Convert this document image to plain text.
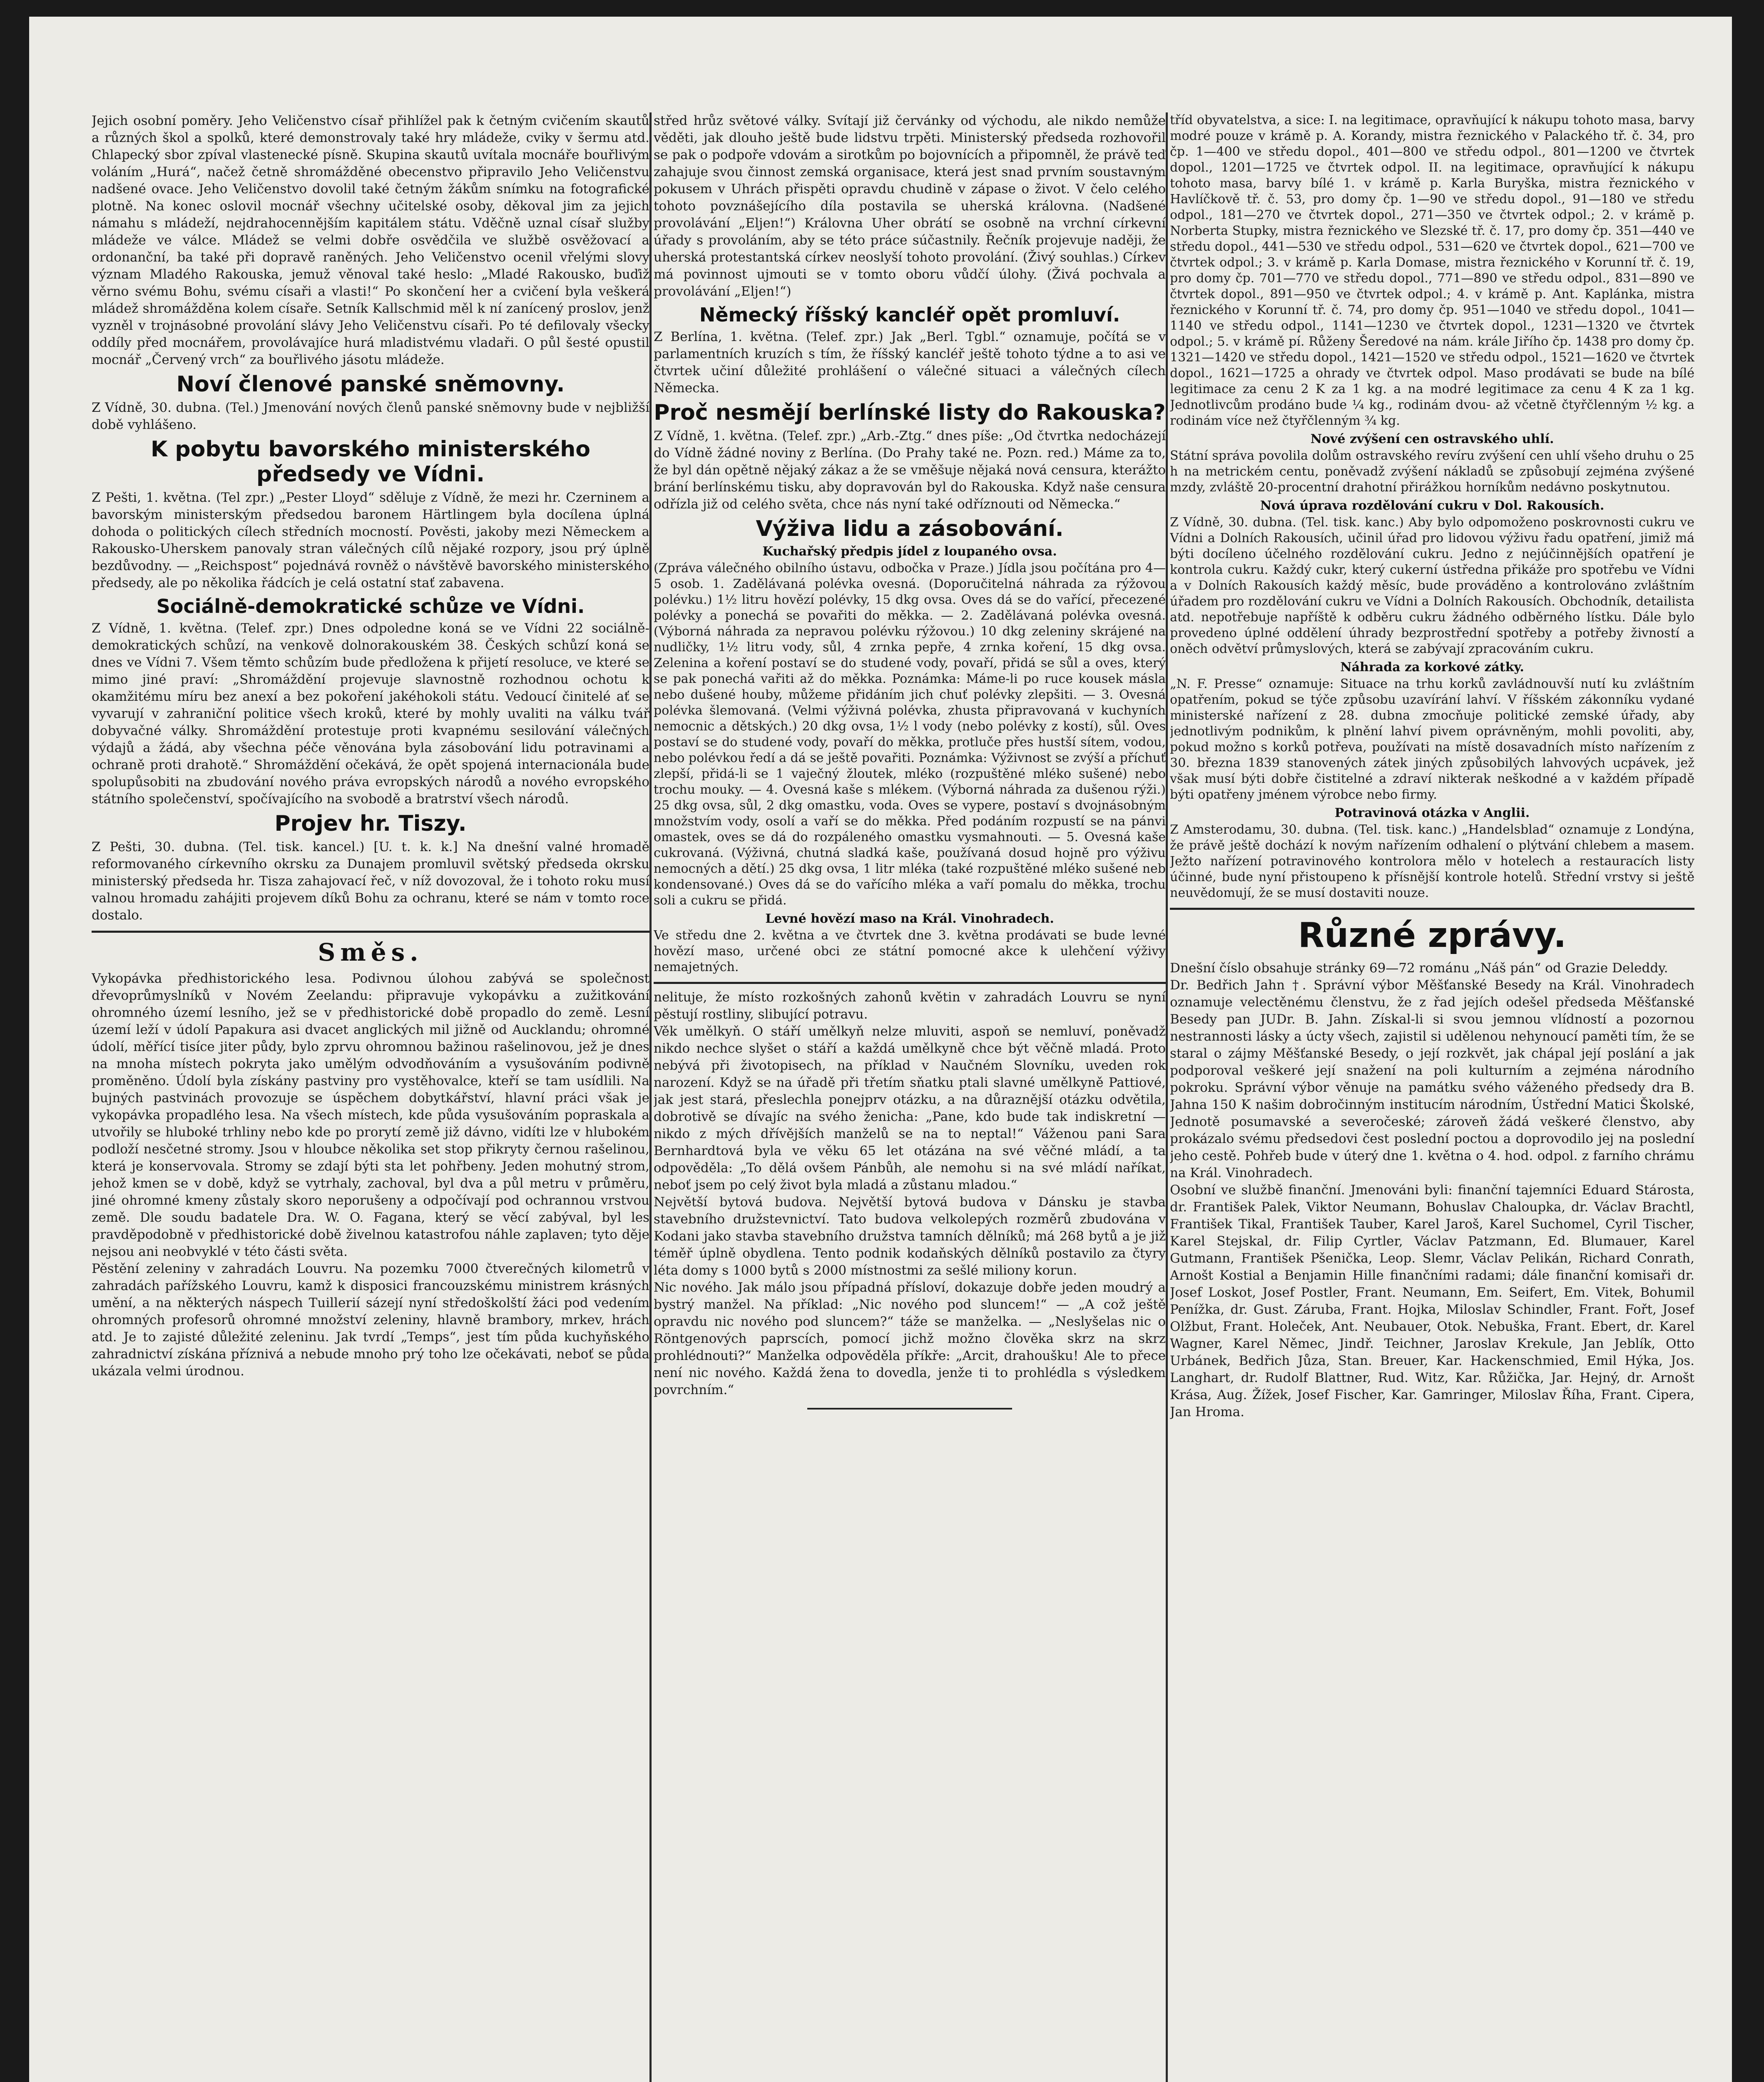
Jejich osobní poměry. Jeho Veličenstvo císař přihlížel pak k četným cvičením skautů a různých škol a spolků, které demonstrovaly také hry mládeže, cviky v šermu atd. Chlapecký sbor zpíval vlastenecké písně. Skupina skautů uvítala mocnáře bouřlivým voláním „Hurá“, načež četně shromážděné obecenstvo připravilo Jeho Veličenstvu nadšené ovace. Jeho Veličenstvo dovolil také četným žákům snímku na fotografické plotně. Na konec oslovil mocnář všechny učitelské osoby, děkoval jim za jejich námahu s mládeží, nejdrahocennějším kapitálem státu. Vděčně uznal císař služby mládeže ve válce. Mládež se velmi dobře osvědčila ve službě osvěžovací a ordonanční, ba také při dopravě raněných. Jeho Veličenstvo ocenil vřelými slovy význam Mladého Rakouska, jemuž věnoval také heslo: „Mladé Rakousko, buďiž věrno svému Bohu, svému císaři a vlasti!“ Po skončení her a cvičení byla veškerá mládež shromážděna kolem císaře. Setník Kallschmid měl k ní zanícený proslov, jenž vyzněl v trojnásobné provolání slávy Jeho Veličenstvu císaři. Po té defilovaly všecky oddíly před mocnářem, provolávajíce hurá mladistvému vladaři. O půl šesté opustil mocnář „Červený vrch“ za bouřlivého jásotu mládeže.

Noví členové panské sněmovny.

Z Vídně, 30. dubna. (Tel.) Jmenování nových členů panské sněmovny bude v nejbližší době vyhlášeno.

K pobytu bavorského ministerského předsedy ve Vídni.

Z Pešti, 1. května. (Tel zpr.) „Pester Lloyd“ sděluje z Vídně, že mezi hr. Czerninem a bavorským ministerským předsedou baronem Härtlingem byla docílena úplná dohoda o politických cílech středních mocností. Pověsti, jakoby mezi Německem a Rakousko-Uherskem panovaly stran válečných cílů nějaké rozpory, jsou prý úplně bezdůvodny. — „Reichspost“ pojednává rovněž o návštěvě bavorského ministerského předsedy, ale po několika řádcích je celá ostatní stať zabavena.

Sociálně-demokratické schůze ve Vídni.

Z Vídně, 1. května. (Telef. zpr.) Dnes odpoledne koná se ve Vídni 22 sociálně-demokratických schůzí, na venkově dolnorakouském 38. Českých schůzí koná se dnes ve Vídni 7. Všem těmto schůzím bude předložena k přijetí resoluce, ve které se mimo jiné praví: „Shromáždění projevuje slavnostně rozhodnou ochotu k okamžitému míru bez anexí a bez pokoření jakéhokoli státu. Vedoucí činitelé ať se vyvarují v zahraniční politice všech kroků, které by mohly uvaliti na válku tvář dobyvačné války. Shromáždění protestuje proti kvapnému sesilování válečných výdajů a žádá, aby všechna péče věnována byla zásobování lidu potravinami a ochraně proti drahotě.“ Shromáždění očekává, že opět spojená internacionála bude spolupůsobiti na zbudování nového práva evropských národů a nového evropského státního společenství, spočívajícího na svobodě a bratrství všech národů.

Projev hr. Tiszy.

Z Pešti, 30. dubna. (Tel. tisk. kancel.) [U. t. k. k.] Na dnešní valné hromadě reformovaného církevního okrsku za Dunajem promluvil světský předseda okrsku ministerský předseda hr. Tisza zahajovací řeč, v níž dovozoval, že i tohoto roku musí valnou hromadu zahájiti projevem díků Bohu za ochranu, které se nám v tomto roce dostalo.

Směs.

Vykopávka předhistorického lesa. Podivnou úlohou zabývá se společnost dřevoprůmyslníků v Novém Zeelandu: připravuje vykopávku a zužitkování ohromného území lesního, jež se v předhistorické době propadlo do země. Lesní území leží v údolí Papakura asi dvacet anglických mil jižně od Aucklandu; ohromné údolí, měřící tisíce jiter půdy, bylo zprvu ohromnou bažinou rašelinovou, jež je dnes na mnoha místech pokryta jako umělým odvodňováním a vysušováním podivně proměněno. Údolí byla získány pastviny pro vystěhovalce, kteří se tam usídlili. Na bujných pastvinách provozuje se úspěchem dobytkářství, hlavní práci však je vykopávka propadlého lesa. Na všech místech, kde půda vysušováním popraskala a utvořily se hluboké trhliny nebo kde po prorytí země již dávno, vidíti lze v hlubokém podloží nesčetné stromy. Jsou v hloubce několika set stop přikryty černou rašelinou, která je konservovala. Stromy se zdají býti sta let pohřbeny. Jeden mohutný strom, jehož kmen se v době, když se vytrhaly, zachoval, byl dva a půl metru v průměru, jiné ohromné kmeny zůstaly skoro neporušeny a odpočívají pod ochrannou vrstvou země. Dle soudu badatele Dra. W. O. Fagana, který se věcí zabýval, byl les pravděpodobně v předhistorické době živelnou katastrofou náhle zaplaven; tyto děje nejsou ani neobvyklé v této části světa.

Pěstění zeleniny v zahradách Louvru. Na pozemku 7000 čtverečných kilometrů v zahradách pařížského Louvru, kamž k disposici francouzskému ministrem krásných umění, a na některých náspech Tuillerií sázejí nyní středoškolští žáci pod vedením ohromných profesorů ohromné množství zeleniny, hlavně brambory, mrkev, hrách atd. Je to zajisté důležité zeleninu. Jak tvrdí „Temps“, jest tím půda kuchyňského zahradnictví získána příznivá a nebude mnoho prý toho lze očekávati, neboť se půda ukázala velmi úrodnou.

střed hrůz světové války. Svítají již červánky od východu, ale nikdo nemůže věděti, jak dlouho ještě bude lidstvu trpěti. Ministerský předseda rozhovořil se pak o podpoře vdovám a sirotkům po bojovnících a připomněl, že právě teď zahajuje svou činnost zemská organisace, která jest snad prvním soustavným pokusem v Uhrách přispěti opravdu chudině v zápase o život. V čelo celého tohoto povznášejícího díla postavila se uherská královna. (Nadšené provolávání „Eljen!“) Královna Uher obrátí se osobně na vrchní církevní úřady s provoláním, aby se této práce súčastnily. Řečník projevuje naději, že uherská protestantská církev neoslyší tohoto provolání. (Živý souhlas.) Církev má povinnost ujmouti se v tomto oboru vůdčí úlohy. (Živá pochvala a provolávání „Eljen!“)

Německý říšský kancléř opět promluví.

Z Berlína, 1. května. (Telef. zpr.) Jak „Berl. Tgbl.“ oznamuje, počítá se v parlamentních kruzích s tím, že říšský kancléř ještě tohoto týdne a to asi ve čtvrtek učiní důležité prohlášení o válečné situaci a válečných cílech Německa.

Proč nesmějí berlínské listy do Rakouska?

Z Vídně, 1. května. (Telef. zpr.) „Arb.-Ztg.“ dnes píše: „Od čtvrtka nedocházejí do Vídně žádné noviny z Berlína. (Do Prahy také ne. Pozn. red.) Máme za to, že byl dán opětně nějaký zákaz a že se vměšuje nějaká nová censura, kterážto brání berlínskému tisku, aby dopravován byl do Rakouska. Když naše censura odřízla již od celého světa, chce nás nyní také odříznouti od Německa.“

Výživa lidu a zásobování.
Kuchařský předpis jídel z loupaného ovsa.

(Zpráva válečného obilního ústavu, odbočka v Praze.) Jídla jsou počítána pro 4—5 osob. 1. Zadělávaná polévka ovesná. (Doporučitelná náhrada za rýžovou polévku.) 1½ litru hovězí polévky, 15 dkg ovsa. Oves dá se do vařící, přecezené polévky a ponechá se povařiti do měkka. — 2. Zadělávaná polévka ovesná. (Výborná náhrada za nepravou polévku rýžovou.) 10 dkg zeleniny skrájené na nudličky, 1½ litru vody, sůl, 4 zrnka pepře, 4 zrnka koření, 15 dkg ovsa. Zelenina a koření postaví se do studené vody, povaří, přidá se sůl a oves, který se pak ponechá vařiti až do měkka. Poznámka: Máme-li po ruce kousek másla nebo dušené houby, můžeme přidáním jich chuť polévky zlepšiti. — 3. Ovesná polévka šlemovaná. (Velmi výživná polévka, zhusta připravovaná v kuchyních nemocnic a dětských.) 20 dkg ovsa, 1½ l vody (nebo polévky z kostí), sůl. Oves postaví se do studené vody, povaří do měkka, protluče přes hustší sítem, vodou, nebo polévkou ředí a dá se ještě povařiti. Poznámka: Výživnost se zvýší a příchuť zlepší, přidá-li se 1 vaječný žloutek, mléko (rozpuštěné mléko sušené) nebo trochu mouky. — 4. Ovesná kaše s mlékem. (Výborná náhrada za dušenou rýži.) 25 dkg ovsa, sůl, 2 dkg omastku, voda. Oves se vypere, postaví s dvojnásobným množstvím vody, osolí a vaří se do měkka. Před podáním rozpustí se na pánvi omastek, oves se dá do rozpáleného omastku vysmahnouti. — 5. Ovesná kaše cukrovaná. (Výživná, chutná sladká kaše, používaná dosud hojně pro výživu nemocných a dětí.) 25 dkg ovsa, 1 litr mléka (také rozpuštěné mléko sušené neb kondensované.) Oves dá se do vařícího mléka a vaří pomalu do měkka, trochu soli a cukru se přidá.

Levné hovězí maso na Král. Vinohradech.

Ve středu dne 2. května a ve čtvrtek dne 3. května prodávati se bude levné hovězí maso, určené obci ze státní pomocné akce k ulehčení výživy nemajetných.

nelituje, že místo rozkošných zahonů květin v zahradách Louvru se nyní pěstují rostliny, slibující potravu.

Věk umělkyň. O stáří umělkyň nelze mluviti, aspoň se nemluví, poněvadž nikdo nechce slyšet o stáří a každá umělkyně chce být věčně mladá. Proto nebývá při životopisech, na příklad v Naučném Slovníku, uveden rok narození. Když se na úřadě při třetím sňatku ptali slavné umělkyně Pattiové, jak jest stará, přeslechla ponejprv otázku, a na důraznější otázku odvětila, dobrotivě se dívajíc na svého ženicha: „Pane, kdo bude tak indiskretní — nikdo z mých dřívějších manželů se na to neptal!“ Váženou pani Sara Bernhardtová byla ve věku 65 let otázána na své věčné mládí, a ta odpověděla: „To dělá ovšem Pánbůh, ale nemohu si na své mládí naříkat, neboť jsem po celý život byla mladá a zůstanu mladou.“

Největší bytová budova. Největší bytová budova v Dánsku je stavba stavebního družstevnictví. Tato budova velkolepých rozměrů zbudována v Kodani jako stavba stavebního družstva tamních dělníků; má 268 bytů a je již téměř úplně obydlena. Tento podnik kodaňských dělníků postavilo za čtyry léta domy s 1000 bytů s 2000 místnostmi za sešlé miliony korun.

Nic nového. Jak málo jsou případná přísloví, dokazuje dobře jeden moudrý a bystrý manžel. Na příklad: „Nic nového pod sluncem!“ — „A což ještě opravdu nic nového pod sluncem?“ táže se manželka. — „Neslyšelas nic o Röntgenových paprscích, pomocí jichž možno člověka skrz na skrz prohlédnouti?“ Manželka odpověděla příkře: „Arcit, drahoušku! Ale to přece není nic nového. Každá žena to dovedla, jenže ti to prohlédla s výsledkem povrchním.“

tříd obyvatelstva, a sice: I. na legitimace, opravňující k nákupu tohoto masa, barvy modré pouze v krámě p. A. Korandy, mistra řeznického v Palackého tř. č. 34, pro čp. 1—400 ve středu dopol., 401—800 ve středu odpol., 801—1200 ve čtvrtek dopol., 1201—1725 ve čtvrtek odpol. II. na legitimace, opravňující k nákupu tohoto masa, barvy bílé 1. v krámě p. Karla Buryška, mistra řeznického v Havlíčkově tř. č. 53, pro domy čp. 1—90 ve středu dopol., 91—180 ve středu odpol., 181—270 ve čtvrtek dopol., 271—350 ve čtvrtek odpol.; 2. v krámě p. Norberta Stupky, mistra řeznického ve Slezské tř. č. 17, pro domy čp. 351—440 ve středu dopol., 441—530 ve středu odpol., 531—620 ve čtvrtek dopol., 621—700 ve čtvrtek odpol.; 3. v krámě p. Karla Domase, mistra řeznického v Korunní tř. č. 19, pro domy čp. 701—770 ve středu dopol., 771—890 ve středu odpol., 831—890 ve čtvrtek dopol., 891—950 ve čtvrtek odpol.; 4. v krámě p. Ant. Kaplánka, mistra řeznického v Korunní tř. č. 74, pro domy čp. 951—1040 ve středu dopol., 1041—1140 ve středu odpol., 1141—1230 ve čtvrtek dopol., 1231—1320 ve čtvrtek odpol.; 5. v krámě pí. Růženy Šeredové na nám. krále Jiřího čp. 1438 pro domy čp. 1321—1420 ve středu dopol., 1421—1520 ve středu odpol., 1521—1620 ve čtvrtek dopol., 1621—1725 a ohrady ve čtvrtek odpol. Maso prodávati se bude na bílé legitimace za cenu 2 K za 1 kg. a na modré legitimace za cenu 4 K za 1 kg. Jednotlivcům prodáno bude ¼ kg., rodinám dvou- až včetně čtyřčlenným ½ kg. a rodinám více než čtyřčlenným ¾ kg.

Nové zvýšení cen ostravského uhlí.

Státní správa povolila dolům ostravského revíru zvýšení cen uhlí všeho druhu o 25 h na metrickém centu, poněvadž zvýšení nákladů se způsobují zejména zvýšené mzdy, zvláště 20-procentní drahotní přirážkou horníkům nedávno poskytnutou.

Nová úprava rozdělování cukru v Dol. Rakousích.

Z Vídně, 30. dubna. (Tel. tisk. kanc.) Aby bylo odpomoženo poskrovnosti cukru ve Vídni a Dolních Rakousích, učinil úřad pro lidovou výživu řadu opatření, jimiž má býti docíleno účelného rozdělování cukru. Jedno z nejúčinnějších opatření je kontrola cukru. Každý cukr, který cukerní ústředna přikáže pro spotřebu ve Vídni a v Dolních Rakousích každý měsíc, bude prováděno a kontrolováno zvláštním úřadem pro rozdělování cukru ve Vídni a Dolních Rakousích. Obchodník, detailista atd. nepotřebuje napříště k odběru cukru žádného odběrného lístku. Dále bylo provedeno úplné oddělení úhrady bezprostřední spotřeby a potřeby živností a oněch odvětví průmyslových, která se zabývají zpracováním cukru.

Náhrada za korkové zátky.

„N. F. Presse“ oznamuje: Situace na trhu korků zavládnouvší nutí ku zvláštním opatřením, pokud se týče způsobu uzavírání lahví. V říšském zákonníku vydané ministerské nařízení z 28. dubna zmocňuje politické zemské úřady, aby jednotlivým podnikům, k plnění lahví pivem oprávněným, mohli povoliti, aby, pokud možno s korků potřeva, používati na místě dosavadních místo nařízením z 30. března 1839 stanovených zátek jiných způsobilých lahvových ucpávek, jež však musí býti dobře čistitelné a zdraví nikterak neškodné a v každém případě býti opatřeny jménem výrobce nebo firmy.

Potravinová otázka v Anglii.

Z Amsterodamu, 30. dubna. (Tel. tisk. kanc.) „Handelsblad“ oznamuje z Londýna, že právě ještě dochází k novým nařízením odhalení o plýtvání chlebem a masem. Ježto nařízení potravinového kontrolora mělo v hotelech a restauracích listy účinné, bude nyní přistoupeno k přísnější kontrole hotelů. Střední vrstvy si ještě neuvědomují, že se musí dostaviti nouze.

Různé zprávy.

Dnešní číslo obsahuje stránky 69—72 románu „Náš pán“ od Grazie Deleddy.

Dr. Bedřich Jahn †. Správní výbor Měšťanské Besedy na Král. Vinohradech oznamuje velectěnému členstvu, že z řad jejích odešel předseda Měšťanské Besedy pan JUDr. B. Jahn. Získal-li si svou jemnou vlídností a pozornou nestrannosti lásky a úcty všech, zajistil si udělenou nehynoucí paměti tím, že se staral o zájmy Měšťanské Besedy, o její rozkvět, jak chápal její poslání a jak podporoval veškeré její snažení na poli kulturním a zejména národního pokroku. Správní výbor věnuje na památku svého váženého předsedy dra B. Jahna 150 K našim dobročinným institucím národním, Ústřední Matici Školské, Jednotě posumavské a severočeské; zároveň žádá veškeré členstvo, aby prokázalo svému předsedovi čest poslední poctou a doprovodilo jej na poslední jeho cestě. Pohřeb bude v úterý dne 1. května o 4. hod. odpol. z farního chrámu na Král. Vinohradech.

Osobní ve službě finanční. Jmenováni byli: finanční tajemníci Eduard Stárosta, dr. František Palek, Viktor Neumann, Bohuslav Chaloupka, dr. Václav Brachtl, František Tikal, František Tauber, Karel Jaroš, Karel Suchomel, Cyril Tischer, Karel Stejskal, dr. Filip Cyrtler, Václav Patzmann, Ed. Blumauer, Karel Gutmann, František Pšenička, Leop. Slemr, Václav Pelikán, Richard Conrath, Arnošt Kostial a Benjamin Hille finančními radami; dále finanční komisaři dr. Josef Loskot, Josef Postler, Frant. Neumann, Em. Seifert, Em. Vitek, Bohumil Penížka, dr. Gust. Záruba, Frant. Hojka, Miloslav Schindler, Frant. Fořt, Josef Olžbut, Frant. Holeček, Ant. Neubauer, Otok. Nebuška, Frant. Ebert, dr. Karel Wagner, Karel Němec, Jindř. Teichner, Jaroslav Krekule, Jan Jeblík, Otto Urbánek, Bedřich Jůza, Stan. Breuer, Kar. Hackenschmied, Emil Hýka, Jos. Langhart, dr. Rudolf Blattner, Rud. Witz, Kar. Růžička, Jar. Hejný, dr. Arnošt Krása, Aug. Žížek, Josef Fischer, Kar. Gamringer, Miloslav Říha, Frant. Cipera, Jan Hroma.
